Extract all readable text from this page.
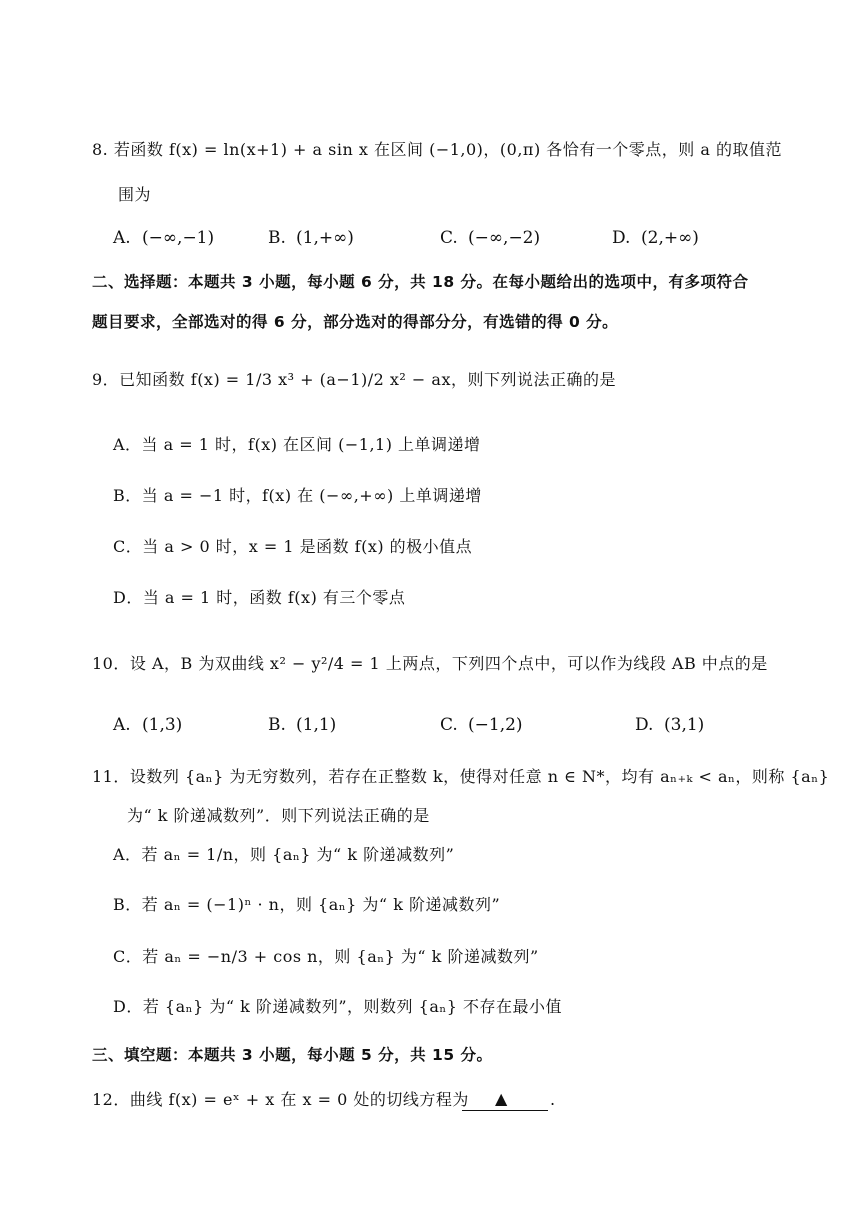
8. 若函数 f(x) = ln(x+1) + a sin x 在区间 (−1,0)，(0,π) 各恰有一个零点，则 a 的取值范
围为
A. (−∞,−1)	B. (1,+∞)	C. (−∞,−2)	D. (2,+∞)
二、选择题：本题共 3 小题，每小题 6 分，共 18 分。在每小题给出的选项中，有多项符合
题目要求，全部选对的得 6 分，部分选对的得部分分，有选错的得 0 分。
9．已知函数 f(x) = 1/3 x³ + (a−1)/2 x² − ax，则下列说法正确的是
A．当 a = 1 时，f(x) 在区间 (−1,1) 上单调递增
B．当 a = −1 时，f(x) 在 (−∞,+∞) 上单调递增
C．当 a > 0 时，x = 1 是函数 f(x) 的极小值点
D．当 a = 1 时，函数 f(x) 有三个零点
10．设 A，B 为双曲线 x² − y²/4 = 1 上两点，下列四个点中，可以作为线段 AB 中点的是
A. (1,3)	B. (1,1)	C. (−1,2)	D. (3,1)
11．设数列 {aₙ} 为无穷数列，若存在正整数 k，使得对任意 n ∈ N*，均有 aₙ₊ₖ < aₙ，则称 {aₙ}
为“ k 阶递减数列”．则下列说法正确的是
A．若 aₙ = 1/n，则 {aₙ} 为“ k 阶递减数列”
B．若 aₙ = (−1)ⁿ · n，则 {aₙ} 为“ k 阶递减数列”
C．若 aₙ = −n/3 + cos n，则 {aₙ} 为“ k 阶递减数列”
D．若 {aₙ} 为“ k 阶递减数列”，则数列 {aₙ} 不存在最小值
三、填空题：本题共 3 小题，每小题 5 分，共 15 分。
12．曲线 f(x) = eˣ + x 在 x = 0 处的切线方程为 ▲	.
